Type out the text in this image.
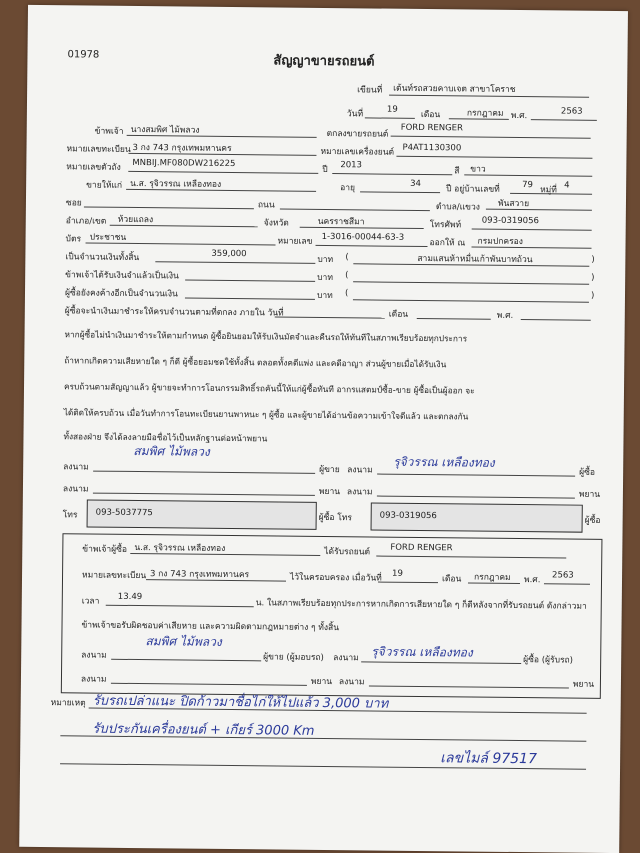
01978	สัญญาขายรถยนต์
เขียนที่ เต้นท์รถสวยคาบเจต สาขาโคราช
วันที่	19
เดือน	กรกฎาคม พ.ศ.	2563
ข้าพเจ้า นางสมพิศ ไม้พลวง	ตกลงขายรถยนต์
FORD RENGER
หมายเลขทะเบียน 3 กง 743 กรุงเทพมหานคร	หมายเลขเครื่องยนต์ P4AT1130300
หมายเลขตัวถัง MNBIJ.MF080DW216225
ปี 2013
สี ขาว
ขายให้แก่ น.ส. รุจิวรรณ เหลืองทอง	อายุ	34
ปี อยู่บ้านเลขที่	79
หมู่ที่ 4
ซอย	ถนน	ตำบล/แขวง พันสวาย
อำเภอ/เขต ห้วยแถลง	จังหวัด	นครราชสีมา	โทรศัพท์ 093-0319056
บัตร ประชาชน	หมายเลข 1-3016-00044-63-3
ออกให้ ณ กรมปกครอง
เป็นจำนวนเงินทั้งสิ้น	359,000
บาท (	สามแสนห้าหมื่นเก้าพันบาทถ้วน	)
ข้าพเจ้าได้รับเงินจำแล้วเป็นเงิน	บาท (	)
ผู้ซื้อยังคงค้างอีกเป็นจำนวนเงิน	บาท (	)
ผู้ซื้อจะนำเงินมาชำระให้ครบจำนวนตามที่ตกลง ภายใน วันที่	เดือน	พ.ศ.
หากผู้ซื้อไม่นำเงินมาชำระให้ตามกำหนด ผู้ซื้อยินยอมให้รับเงินมัดจำและคืนรถให้ทันทีในสภาพเรียบร้อยทุกประการ
ถ้าหากเกิดความเสียหายใด ๆ ก็ดี ผู้ซื้อยอมชดใช้ทั้งสิ้น ตลอดทั้งคดีแพ่ง และคดีอาญา ส่วนผู้ขายเมื่อได้รับเงิน
ครบถ้วนตามสัญญาแล้ว ผู้ขายจะทำการโอนกรรมสิทธิ์รถคันนี้ให้แก่ผู้ซื้อทันที อากรแสตมป์ซื้อ-ขาย ผู้ซื้อเป็นผู้ออก จะ
ได้ติดให้ครบถ้วน เมื่อวันทำการโอนทะเบียนยานพาหนะ ๆ ผู้ซื้อ และผู้ขายได้อ่านข้อความเข้าใจดีแล้ว และตกลงกัน
ทั้งสองฝ่าย จึงได้ลงลายมือชื่อไว้เป็นหลักฐานต่อหน้าพยาน
สมพิศ ไม้พลวง
ลงนาม	ผู้ขาย ลงนาม
รุจิวรรณ เหลืองทอง
ผู้ซื้อ
ลงนาม	พยาน ลงนาม	พยาน
โทร 093-5037775	ผู้ซื้อ โทร	093-0319056	ผู้ซื้อ
ข้าพเจ้าผู้ซื้อ น.ส. รุจิวรรณ เหลืองทอง	ได้รับรถยนต์ FORD RENGER
หมายเลขทะเบียน 3 กง 743 กรุงเทพมหานคร	ไว้ในครอบครอง เมื่อวันที่ 19
เดือน กรกฎาคม พ.ศ. 2563
เวลา 13.49
น. ในสภาพเรียบร้อยทุกประการหากเกิดการเสียหายใด ๆ ก็ดีหลังจากที่รับรถยนต์ ดังกล่าวมา
ข้าพเจ้าขอรับผิดชอบค่าเสียหาย และความผิดตามกฎหมายต่าง ๆ ทั้งสิ้น
สมพิศ ไม้พลวง
ลงนาม	ผู้ขาย (ผู้มอบรถ) ลงนาม รุจิวรรณ เหลืองทอง
ผู้ซื้อ (ผู้รับรถ)
ลงนาม	พยาน ลงนาม	พยาน
หมายเหตุ รับรถเปล่าแนะ ปิดก้าวมาชื่อไก่ให้ไปแล้ว 3,000 บาท
รับประกันเครื่องยนต์ + เกียร์ 3000 Km
เลขไมล์ 97517
